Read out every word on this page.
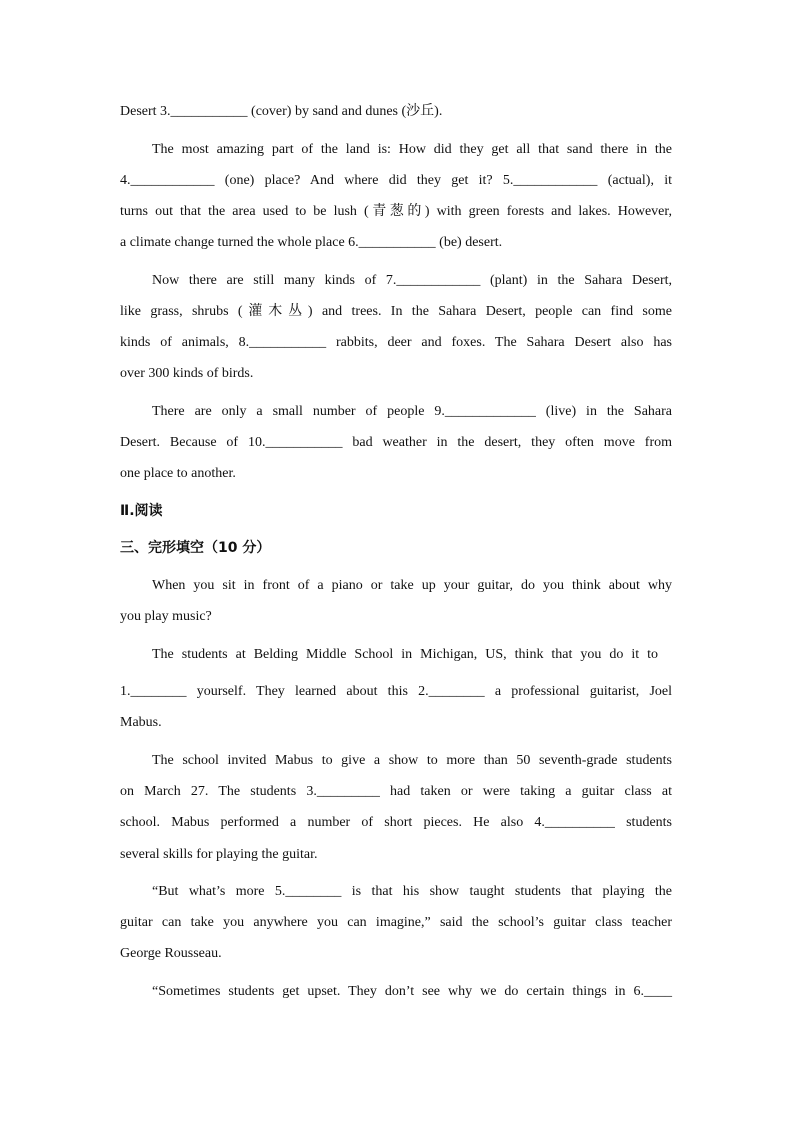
Desert 3.___________ (cover) by sand and dunes (沙丘).
The most amazing part of the land is: How did they get all that sand there in the
4.____________ (one) place? And where did they get it? 5.____________ (actual), it
turns out that the area used to be lush (青葱的) with green forests and lakes. However,
a climate change turned the whole place 6.___________ (be) desert.
Now there are still many kinds of 7.____________ (plant) in the Sahara Desert,
like grass, shrubs (灌木丛) and trees. In the Sahara Desert, people can find some
kinds of animals, 8.___________ rabbits, deer and foxes. The Sahara Desert also has
over 300 kinds of birds.
There are only a small number of people 9._____________ (live) in the Sahara
Desert. Because of 10.___________ bad weather in the desert, they often move from
one place to another.
Ⅱ.阅读
三、完形填空（10 分）
When you sit in front of a piano or take up your guitar, do you think about why
you play music?
The students at Belding Middle School in Michigan, US, think that you do it to
1.________ yourself. They learned about this 2.________ a professional guitarist, Joel
Mabus.
The school invited Mabus to give a show to more than 50 seventh-grade students
on March 27. The students 3._________ had taken or were taking a guitar class at
school. Mabus performed a number of short pieces. He also 4.__________ students
several skills for playing the guitar.
“But what’s more 5.________ is that his show taught students that playing the
guitar can take you anywhere you can imagine,” said the school’s guitar class teacher
George Rousseau.
“Sometimes students get upset. They don’t see why we do certain things in 6.____
